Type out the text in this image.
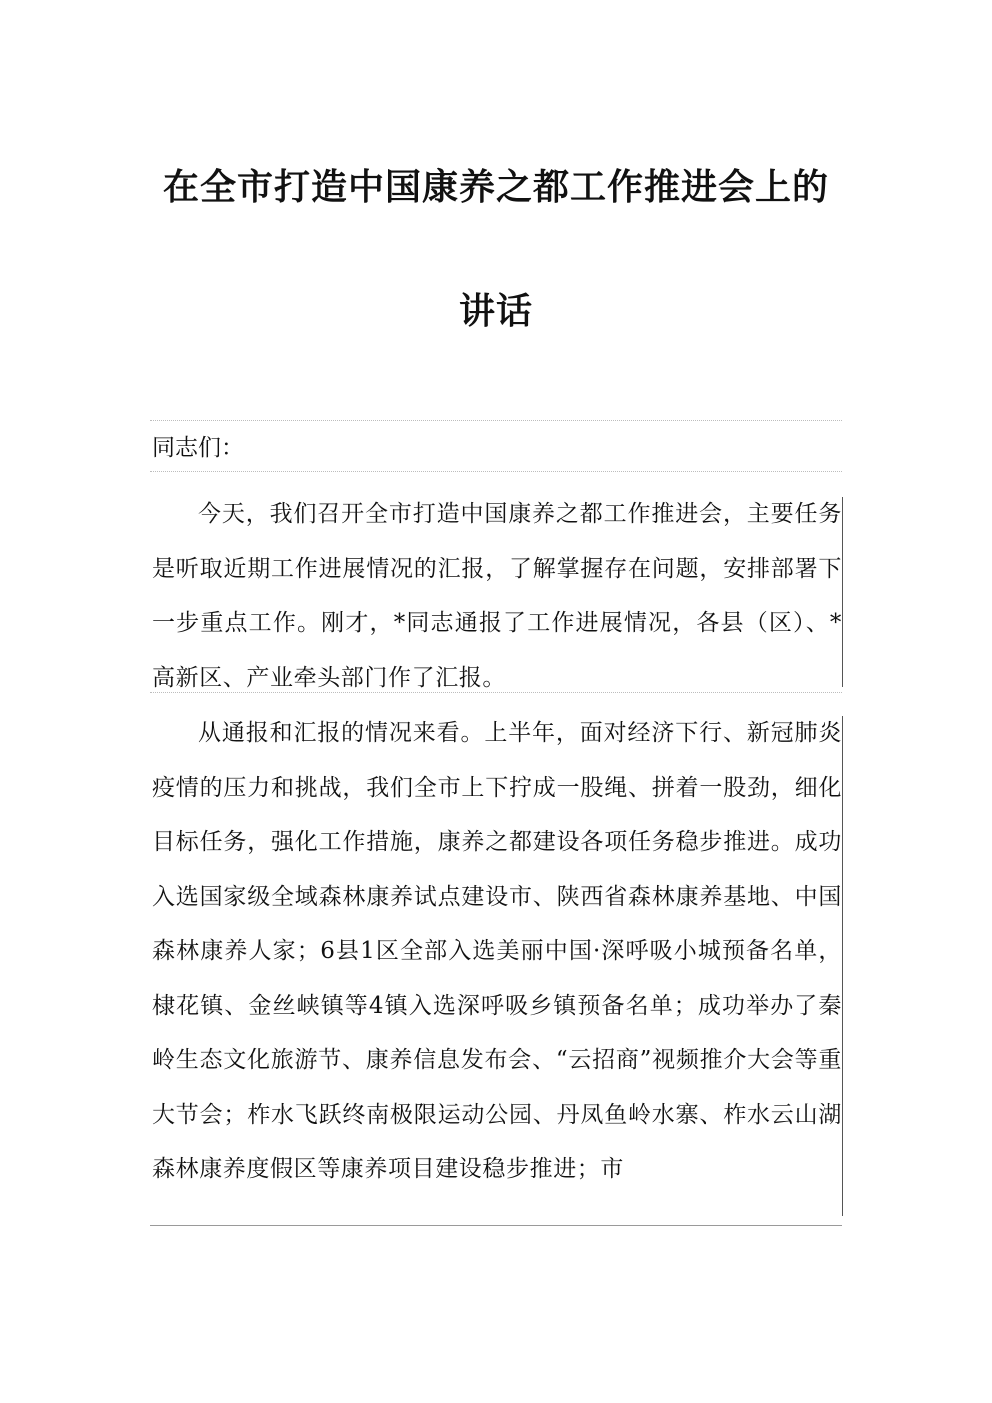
在全市打造中国康养之都工作推进会上的
讲话

同志们：

今天，我们召开全市打造中国康养之都工作推进会，主要任务是听取近期工作进展情况的汇报，了解掌握存在问题，安排部署下一步重点工作。刚才，*同志通报了工作进展情况，各县（区）、*高新区、产业牵头部门作了汇报。

从通报和汇报的情况来看。上半年，面对经济下行、新冠肺炎疫情的压力和挑战，我们全市上下拧成一股绳、拼着一股劲，细化目标任务，强化工作措施，康养之都建设各项任务稳步推进。成功入选国家级全域森林康养试点建设市、陕西省森林康养基地、中国森林康养人家；6县1区全部入选美丽中国·深呼吸小城预备名单，棣花镇、金丝峡镇等4镇入选深呼吸乡镇预备名单；成功举办了秦岭生态文化旅游节、康养信息发布会、“云招商”视频推介大会等重大节会；柞水飞跃终南极限运动公园、丹凤鱼岭水寨、柞水云山湖森林康养度假区等康养项目建设稳步推进；市
